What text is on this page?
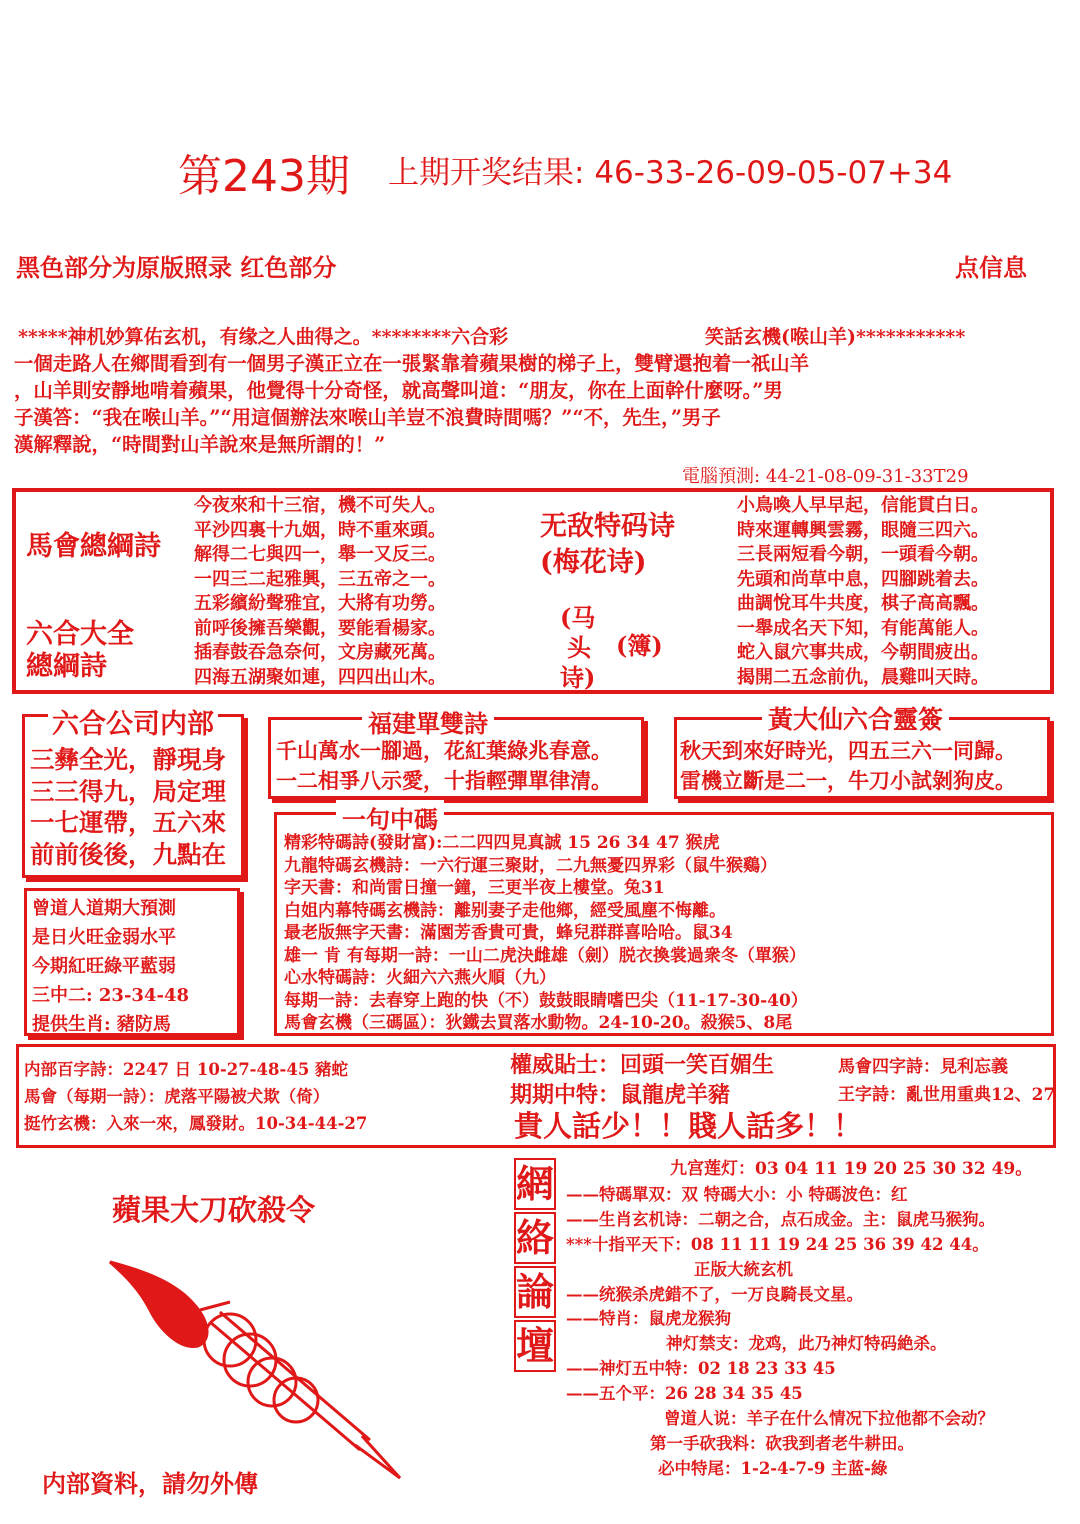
第243期 上期开奖结果: 46-33-26-09-05-07+34
黑色部分为原版照录 红色部分	点信息
*****神机妙算佑玄机，有缘之人曲得之。********六合彩	笑話玄機(喉山羊)***********
一個走路人在鄉間看到有一個男子漢正立在一張緊靠着蘋果樹的梯子上，雙臂還抱着一祇山羊
，山羊則安靜地啃着蘋果，他覺得十分奇怪，就高聲叫道：“朋友，你在上面幹什麼呀。”男
子漢答：“我在喉山羊。”“用這個辦法來喉山羊豈不浪費時間嗎？”“不，先生，”男子
漢解釋說，“時間對山羊說來是無所謂的！”
電腦預測: 44-21-08-09-31-33T29
馬會總綱詩
六合大全
總綱詩
今夜來和十三宿，機不可失人。
平沙四裏十九姻，時不重來頭。
解得二七與四一，舉一又反三。
一四三二起雅興，三五帝之一。
五彩繽紛聲雅宜，大將有功勞。
前呼後擁吾樂觀，要能看楊家。
插春鼓吞急奈何，文房藏死萬。
四海五湖聚如連，四四出山木。
无敌特码诗
(梅花诗)
(马
头
诗)
(簿)
小鳥喚人早早起，信能貫白日。
時來運轉興雲霧，眼隨三四六。
三長兩短看今朝，一頭看今朝。
先頭和尚草中息，四腳跳着去。
曲調悅耳牛共度，棋子高高飄。
一舉成名天下知，有能萬能人。
蛇入鼠穴事共成，今朝間疲出。
揭開二五念前仇，晨雞叫天時。
六合公司内部
三彝全光，靜現身
三三得九，局定理
一七運帶，五六來
前前後後，九點在
福建單雙詩
千山萬水一腳過，花紅葉綠兆春意。
一二相爭八示愛，十指輕彈單律清。
黃大仙六合靈簽
秋天到來好時光，四五三六一同歸。
雷機立斷是二一，牛刀小試剝狗皮。
曾道人道期大預測
是日火旺金弱水平
今期紅旺綠平藍弱
三中二: 23-34-48
提供生肖: 豬防馬
一句中碼
精彩特碼詩(發財富):二二四四見真誠 15 26 34 47 猴虎
九龍特碼玄機詩：一六行運三聚財，二九無憂四界彩（鼠牛猴鷄）
字天書：和尚雷日撞一鐘，三更半夜上樓堂。兔31
白姐内幕特碼玄機詩：離别妻子走他鄉，經受風塵不悔離。
最老版無字天書：滿園芳香貴可貴，蜂兒群群喜哈哈。鼠34
雄一 肯 有每期一詩：一山二虎決雌雄（劍）脱衣換裳過衆冬（單猴）
心水特碼詩：火細六六燕火順（九）
每期一詩：去春穿上跑的快（不）鼓鼓眼睛嗜巴尖（11-17-30-40）
馬會玄機（三碼區）：狄鐵去買落水動物。24-10-20。殺猴5、8尾
内部百字詩：2247 日 10-27-48-45 豬蛇
馬會（每期一詩）：虎落平陽被犬欺（倚）
挺竹玄機：入來一來，鳳發財。10-34-44-27
權威貼士：回頭一笑百媚生	馬會四字詩：見利忘義
期期中特：鼠龍虎羊豬	王字詩：亂世用重典12、27
貴人話少！！賤人話多！！
蘋果大刀砍殺令
内部資料，請勿外傳
網
絡
論
壇
九宫莲灯：03 04 11 19 20 25 30 32 49。
——特碼單双：双 特碼大小：小 特碼波色：红
——生肖玄机诗：二朝之合，点石成金。主：鼠虎马猴狗。
***十指平天下：08 11 11 19 24 25 36 39 42 44。
正版大統玄机
——统猴杀虎錯不了，一万良騎長文星。
——特肖：鼠虎龙猴狗
神灯禁支：龙鸡，此乃神灯特码絶杀。
——神灯五中特：02 18 23 33 45
——五个平：26 28 34 35 45
曾道人说：羊子在什么情况下拉他都不会动？
第一手砍我料：砍我到者老牛耕田。
必中特尾：1-2-4-7-9 主蓝-綠
